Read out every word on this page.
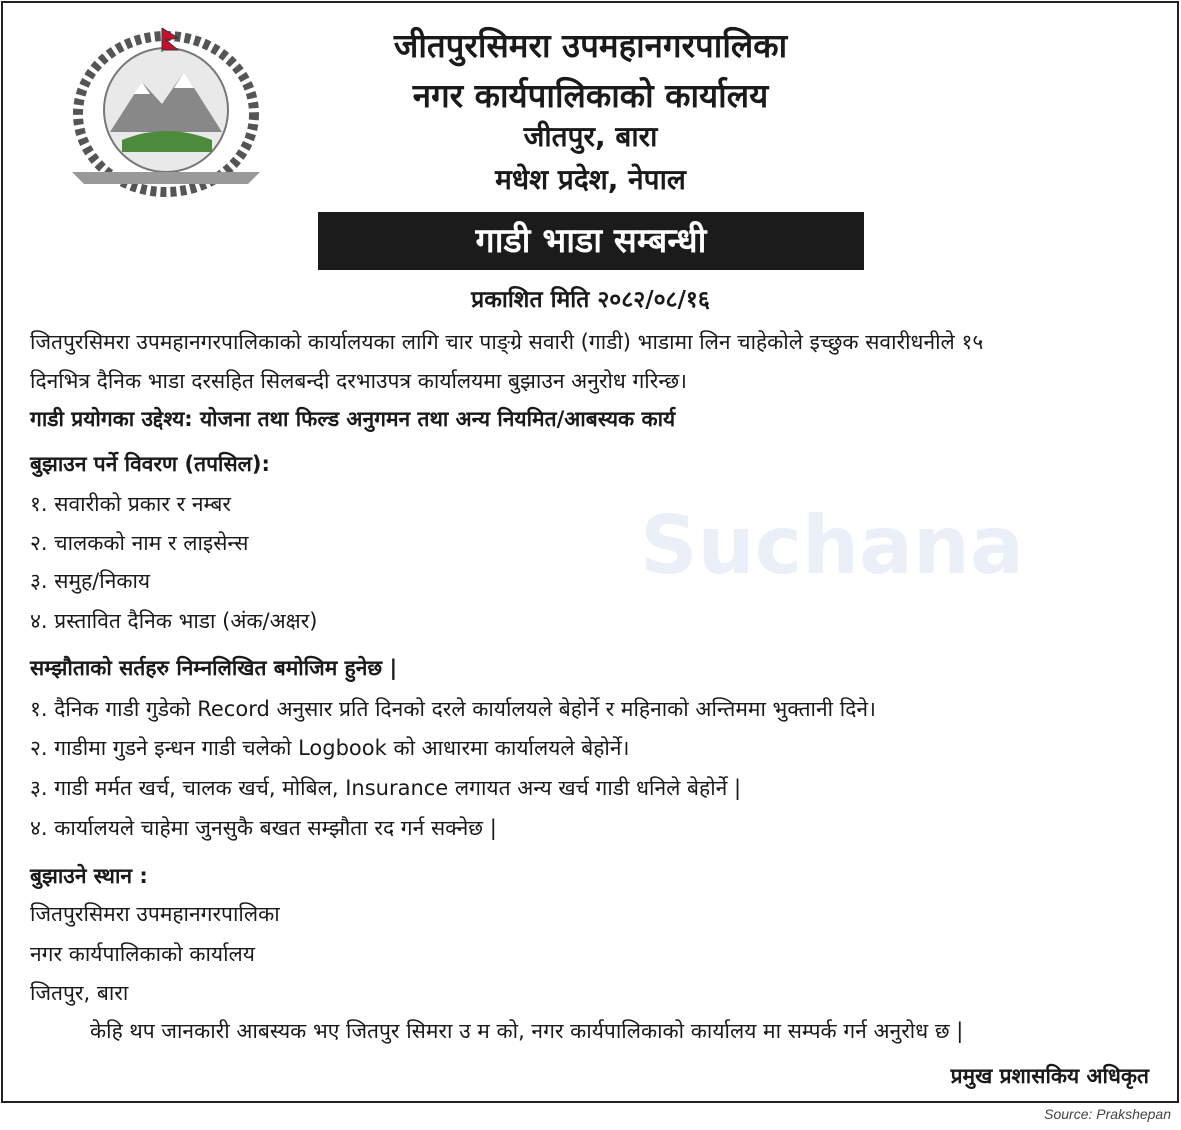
Suchana
जीतपुरसिमरा उपमहानगरपालिका
नगर कार्यपालिकाको कार्यालय
जीतपुर, बारा
मधेश प्रदेश, नेपाल
गाडी भाडा सम्बन्धी
प्रकाशित मिति २०८२/०८/१६
जितपुरसिमरा उपमहानगरपालिकाको कार्यालयका लागि चार पाङ्ग्रे सवारी (गाडी) भाडामा लिन चाहेकोले इच्छुक सवारीधनीले १५
दिनभित्र दैनिक भाडा दरसहित सिलबन्दी दरभाउपत्र कार्यालयमा बुझाउन अनुरोध गरिन्छ।
गाडी प्रयोगका उद्देश्य: योजना तथा फिल्ड अनुगमन तथा अन्य नियमित/आबस्यक कार्य
बुझाउन पर्ने विवरण (तपसिल):
१. सवारीको प्रकार र नम्बर
२. चालकको नाम र लाइसेन्स
३. समुह/निकाय
४. प्रस्तावित दैनिक भाडा (अंक/अक्षर)
सम्झौताको सर्तहरु निम्नलिखित बमोजिम हुनेछ |
१. दैनिक गाडी गुडेको Record अनुसार प्रति दिनको दरले कार्यालयले बेहोर्ने र महिनाको अन्तिममा भुक्तानी दिने।
२. गाडीमा गुडने इन्धन गाडी चलेको Logbook को आधारमा कार्यालयले बेहोर्ने।
३. गाडी मर्मत खर्च, चालक खर्च, मोबिल, Insurance लगायत अन्य खर्च गाडी धनिले बेहोर्ने |
४. कार्यालयले चाहेमा जुनसुकै बखत सम्झौता रद गर्न सक्नेछ |
बुझाउने स्थान :
जितपुरसिमरा उपमहानगरपालिका
नगर कार्यपालिकाको कार्यालय
जितपुर, बारा
केहि थप जानकारी आबस्यक भए जितपुर सिमरा उ म को, नगर कार्यपालिकाको कार्यालय मा सम्पर्क गर्न अनुरोध छ |
प्रमुख प्रशासकिय अधिकृत
Source: Prakshepan
